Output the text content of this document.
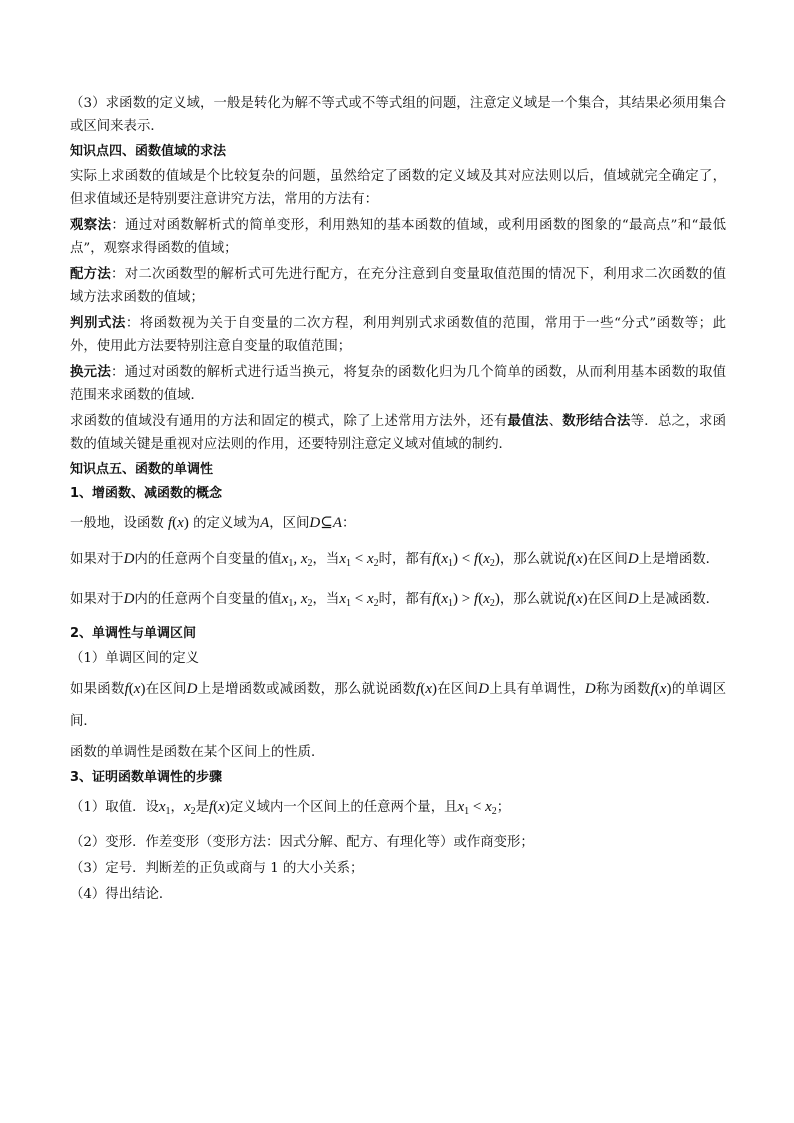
（3）求函数的定义域，一般是转化为解不等式或不等式组的问题，注意定义域是一个集合，其结果必须用集合或区间来表示．

知识点四、函数值域的求法

实际上求函数的值域是个比较复杂的问题，虽然给定了函数的定义域及其对应法则以后，值域就完全确定了，但求值域还是特别要注意讲究方法，常用的方法有：

观察法：通过对函数解析式的简单变形，利用熟知的基本函数的值域，或利用函数的图象的“最高点”和“最低点”，观察求得函数的值域；

配方法：对二次函数型的解析式可先进行配方，在充分注意到自变量取值范围的情况下，利用求二次函数的值域方法求函数的值域；

判别式法：将函数视为关于自变量的二次方程，利用判别式求函数值的范围，常用于一些“分式”函数等；此外，使用此方法要特别注意自变量的取值范围；

换元法：通过对函数的解析式进行适当换元，将复杂的函数化归为几个简单的函数，从而利用基本函数的取值范围来求函数的值域．

求函数的值域没有通用的方法和固定的模式，除了上述常用方法外，还有最值法、数形结合法等．总之，求函数的值域关键是重视对应法则的作用，还要特别注意定义域对值域的制约．

知识点五、函数的单调性

1、增函数、减函数的概念

一般地，设函数 f(x) 的定义域为A，区间D⊆A：

如果对于D内的任意两个自变量的值$x_1$, $x_2$，当$x_1 < x_2$时，都有$f(x_1) < f(x_2)$，那么就说f(x)在区间D上是增函数．

如果对于D内的任意两个自变量的值$x_1$, $x_2$，当$x_1 < x_2$时，都有$f(x_1) > f(x_2)$，那么就说f(x)在区间D上是减函数．

2、单调性与单调区间

（1）单调区间的定义

如果函数f(x)在区间D上是增函数或减函数，那么就说函数f(x)在区间D上具有单调性，D称为函数f(x)的单调区间．

函数的单调性是函数在某个区间上的性质．

3、证明函数单调性的步骤

（1）取值．设$x_1$，$x_2$是f(x)定义域内一个区间上的任意两个量，且$x_1 < x_2$；

（2）变形．作差变形（变形方法：因式分解、配方、有理化等）或作商变形；

（3）定号．判断差的正负或商与 1 的大小关系；

（4）得出结论．
